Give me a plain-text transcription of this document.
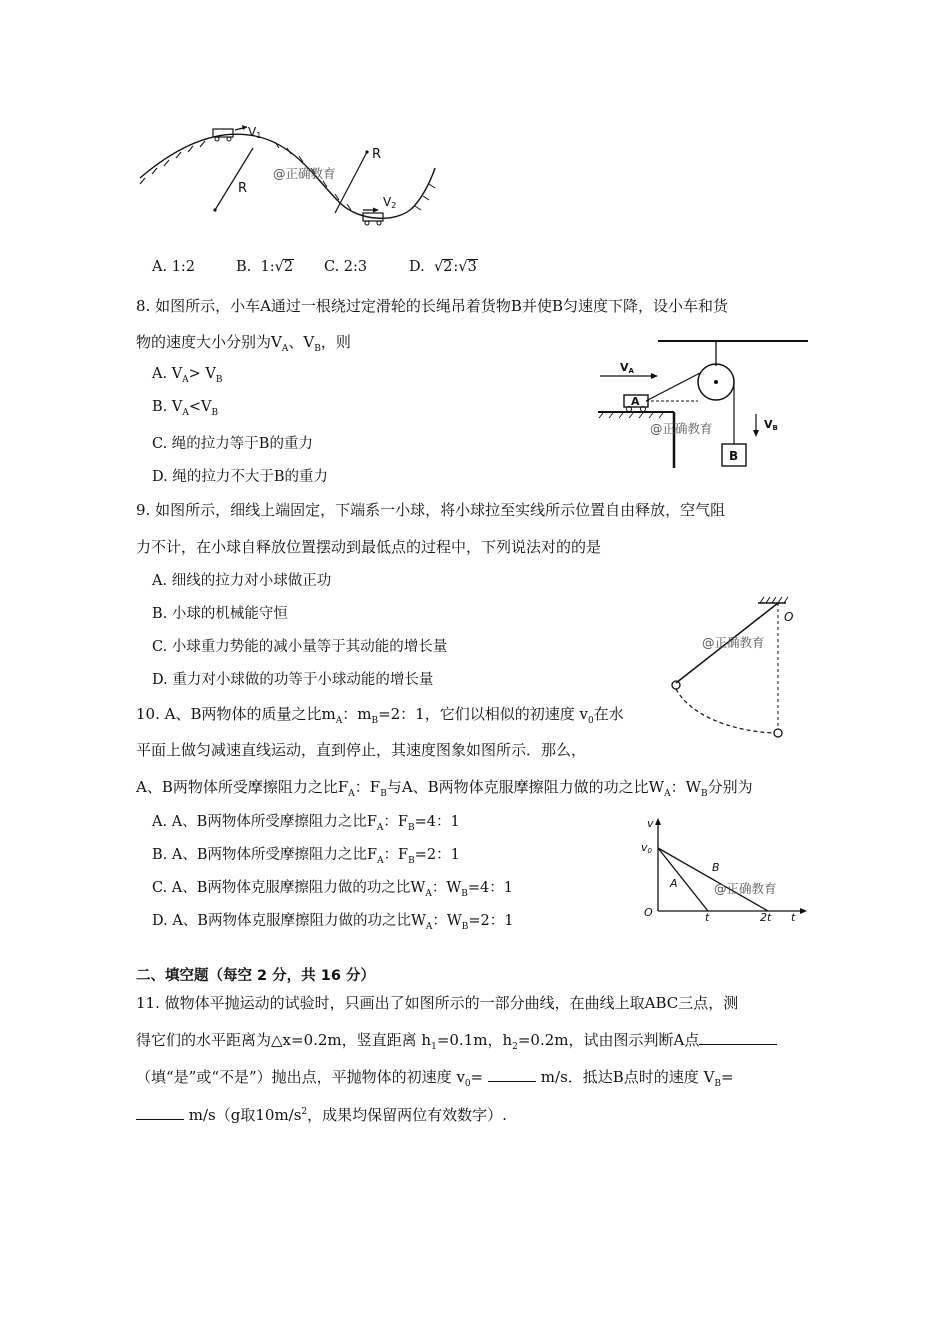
V1
R
R
V2
@正确教育
A. 1:2	B. 1:√2 C. 2:3	D. √2:√3
8. 如图所示，小车A通过一根绕过定滑轮的长绳吊着货物B并使B匀速度下降，设小车和货
物的速度大小分别为$V_A$、$V_B$，则
A. $V_A> V_B$
B. $V_A<V_B$
C. 绳的拉力等于B的重力
D. 绳的拉力不大于B的重力
A
VA
VB
B
@正确教育
9. 如图所示，细线上端固定，下端系一小球，将小球拉至实线所示位置自由释放，空气阻
力不计，在小球自释放位置摆动到最低点的过程中，下列说法对的的是
A. 细线的拉力对小球做正功
B. 小球的机械能守恒
C. 小球重力势能的减小量等于其动能的增长量
D. 重力对小球做的功等于小球动能的增长量
O
@正确教育
10. A、B两物体的质量之比$m_A$：$m_B=2$：1，它们以相似的初速度 $v_0$在水
平面上做匀减速直线运动，直到停止，其速度图象如图所示．那么，
A、B两物体所受摩擦阻力之比$F_A$：$F_B$与A、B两物体克服摩擦阻力做的功之比$W_A$：$W_B$分别为
A. A、B两物体所受摩擦阻力之比$F_A$：$F_B=4$：1
B. A、B两物体所受摩擦阻力之比$F_A$：$F_B=2$：1
C. A、B两物体克服摩擦阻力做的功之比$W_A$：$W_B=4$：1
D. A、B两物体克服摩擦阻力做的功之比$W_A$：$W_B=2$：1
v
t
O
v0
A
B
t	2t
@正确教育
二、填空题（每空 2 分，共 16 分）
11. 做物体平抛运动的试验时，只画出了如图所示的一部分曲线，在曲线上取ABC三点，测
得它们的水平距离为△x=0.2m，竖直距离 $h_1=0.1m$，$h_2=0.2m$，试由图示判断A点
（填“是”或“不是”）抛出点，平抛物体的初速度 $v_0=$	m/s．抵达B点时的速度 $V_B=$
m/s（g取$10m/s^2$，成果均保留两位有效数字）.
